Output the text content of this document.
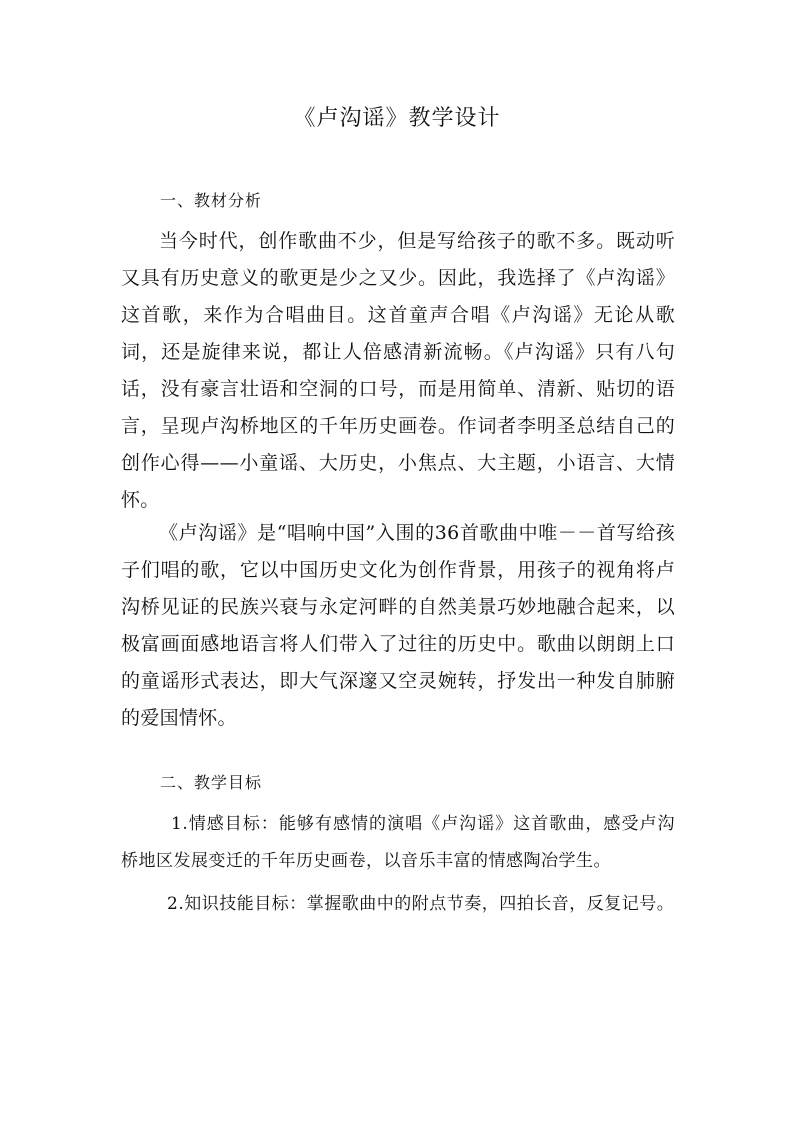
《卢沟谣》教学设计
一、教材分析
当今时代，创作歌曲不少，但是写给孩子的歌不多。既动听又具有历史意义的歌更是少之又少。因此，我选择了《卢沟谣》这首歌，来作为合唱曲目。这首童声合唱《卢沟谣》无论从歌词，还是旋律来说，都让人倍感清新流畅。《卢沟谣》只有八句话，没有豪言壮语和空洞的口号，而是用简单、清新、贴切的语言，呈现卢沟桥地区的千年历史画卷。作词者李明圣总结自己的创作心得——小童谣、大历史，小焦点、大主题，小语言、大情怀。
《卢沟谣》是“唱响中国”入围的36首歌曲中唯－－首写给孩子们唱的歌，它以中国历史文化为创作背景，用孩子的视角将卢沟桥见证的民族兴衰与永定河畔的自然美景巧妙地融合起来，以极富画面感地语言将人们带入了过往的历史中。歌曲以朗朗上口的童谣形式表达，即大气深邃又空灵婉转，抒发出一种发自肺腑的爱国情怀。
二、教学目标
1.情感目标：能够有感情的演唱《卢沟谣》这首歌曲，感受卢沟桥地区发展变迁的千年历史画卷，以音乐丰富的情感陶冶学生。
2.知识技能目标：掌握歌曲中的附点节奏，四拍长音，反复记号。
